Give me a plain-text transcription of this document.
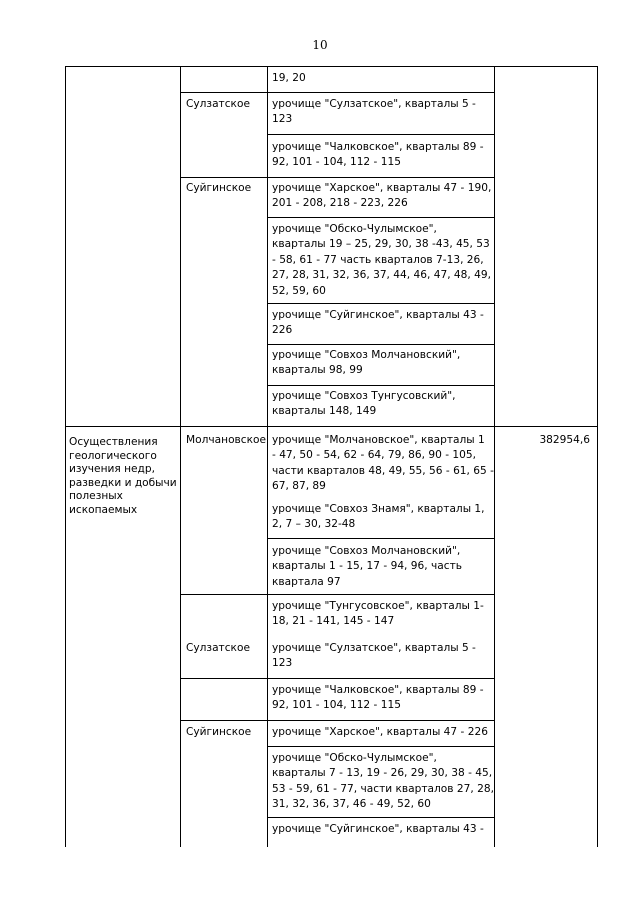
10
Осуществления
геологического
изучения недр,
разведки и добычи
полезных
ископаемых
382954,6
Сулзатское
Суйгинское
Молчановское
Сулзатское
Суйгинское
19, 20
урочище "Сулзатское", кварталы 5 -
123
урочище "Чалковское", кварталы 89 -
92, 101 - 104, 112 - 115
урочище "Харское", кварталы 47 - 190,
201 - 208, 218 - 223, 226
урочище "Обско-Чулымское",
кварталы 19 – 25, 29, 30, 38 -43, 45, 53
- 58, 61 - 77 часть кварталов 7-13, 26,
27, 28, 31, 32, 36, 37, 44, 46, 47, 48, 49,
52, 59, 60
урочище "Суйгинское", кварталы 43 -
226
урочище "Совхоз Молчановский",
кварталы 98, 99
урочище "Совхоз Тунгусовский",
кварталы 148, 149
урочище "Молчановское", кварталы 1
- 47, 50 - 54, 62 - 64, 79, 86, 90 - 105,
части кварталов 48, 49, 55, 56 - 61, 65 -
67, 87, 89
урочище "Совхоз Знамя", кварталы 1,
2, 7 – 30, 32-48
урочище "Совхоз Молчановский",
кварталы 1 - 15, 17 - 94, 96, часть
квартала 97
урочище "Тунгусовское", кварталы 1-
18, 21 - 141, 145 - 147
урочище "Сулзатское", кварталы 5 -
123
урочище "Чалковское", кварталы 89 -
92, 101 - 104, 112 - 115
урочище "Харское", кварталы 47 - 226
урочище "Обско-Чулымское",
кварталы 7 - 13, 19 - 26, 29, 30, 38 - 45,
53 - 59, 61 - 77, части кварталов 27, 28,
31, 32, 36, 37, 46 - 49, 52, 60
урочище "Суйгинское", кварталы 43 -
